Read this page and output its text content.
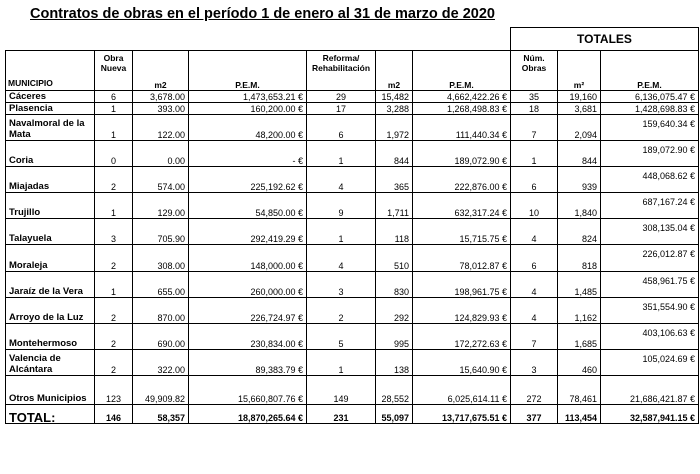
Contratos de obras en el período 1 de enero al 31 de marzo de 2020
							TOTALES		
MUNICIPIO	Obra Nueva	m2	P.E.M.	Reforma/ Rehabilitación	m2	P.E.M.	Núm. Obras	m²	P.E.M.
Cáceres	6	3,678.00	1,473,653.21 €	29	15,482	4,662,422.26 €	35	19,160	6,136,075.47 €
Plasencia	1	393.00	160,200.00 €	17	3,288	1,268,498.83 €	18	3,681	1,428,698.83 €
Navalmoral de la Mata	1	122.00	48,200.00 €	6	1,972	111,440.34 €	7	2,094	159,640.34 €
Coria	0	0.00	- €	1	844	189,072.90 €	1	844	189,072.90 €
Miajadas	2	574.00	225,192.62 €	4	365	222,876.00 €	6	939	448,068.62 €
Trujillo	1	129.00	54,850.00 €	9	1,711	632,317.24 €	10	1,840	687,167.24 €
Talayuela	3	705.90	292,419.29 €	1	118	15,715.75 €	4	824	308,135.04 €
Moraleja	2	308.00	148,000.00 €	4	510	78,012.87 €	6	818	226,012.87 €
Jaraíz de la Vera	1	655.00	260,000.00 €	3	830	198,961.75 €	4	1,485	458,961.75 €
Arroyo de la Luz	2	870.00	226,724.97 €	2	292	124,829.93 €	4	1,162	351,554.90 €
Montehermoso	2	690.00	230,834.00 €	5	995	172,272.63 €	7	1,685	403,106.63 €
Valencia de Alcántara	2	322.00	89,383.79 €	1	138	15,640.90 €	3	460	105,024.69 €
Otros Municipios	123	49,909.82	15,660,807.76 €	149	28,552	6,025,614.11 €	272	78,461	21,686,421.87 €
TOTAL:	146	58,357	18,870,265.64 €	231	55,097	13,717,675.51 €	377	113,454	32,587,941.15 €
